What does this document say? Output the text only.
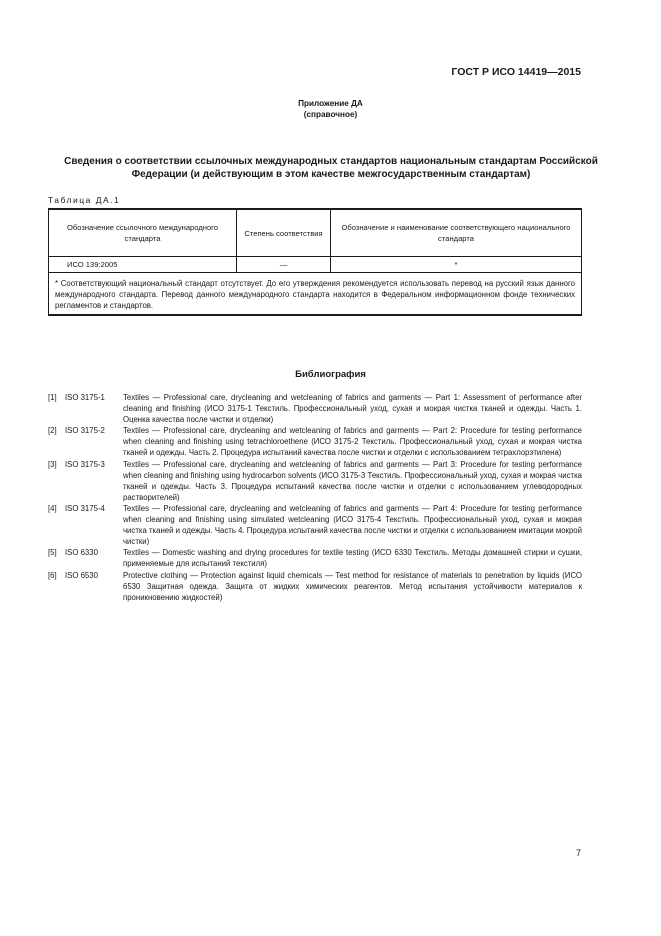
ГОСТ Р ИСО 14419—2015
Приложение ДА
(справочное)
Сведения о соответствии ссылочных международных стандартов национальным стандартам Российской Федерации (и действующим в этом качестве межгосударственным стандартам)
Таблица ДА.1
Обозначение ссылочного международного стандарта	Степень соответствия	Обозначение и наименование соответствующего национального стандарта
ИСО 139:2005	—	*
* Соответствующий национальный стандарт отсутствует. До его утверждения рекомендуется использовать перевод на русский язык данного международного стандарта. Перевод данного международного стандарта находится в Федеральном информационном фонде технических регламентов и стандартов.		
Библиография
[1]	ISO 3175-1	Textiles — Professional care, drycleaning and wetcleaning of fabrics and garments — Part 1: Assessment of performance after cleaning and finishing (ИСО 3175-1 Текстиль. Профессиональный уход, сухая и мокрая чистка тканей и одежды. Часть 1. Оценка качества после чистки и отделки)
[2]	ISO 3175-2	Textiles — Professional care, drycleaning and wetcleaning of fabrics and garments — Part 2: Procedure for testing performance when cleaning and finishing using tetrachloroethene (ИСО 3175-2 Текстиль. Профессиональный уход, сухая и мокрая чистка тканей и одежды. Часть 2. Процедура испытаний качества после чистки и отделки с использованием тетрахлорэтилена)
[3]	ISO 3175-3	Textiles — Professional care, drycleaning and wetcleaning of fabrics and garments — Part 3: Procedure for testing performance when cleaning and finishing using hydrocarbon solvents (ИСО 3175-3 Текстиль. Профессиональный уход, сухая и мокрая чистка тканей и одежды. Часть 3. Процедура испытаний качества после чистки и отделки с использованием углеводородных растворителей)
[4]	ISO 3175-4	Textiles — Professional care, drycleaning and wetcleaning of fabrics and garments — Part 4: Procedure for testing performance when cleaning and finishing using simulated wetcleaning (ИСО 3175-4 Текстиль. Профессиональный уход, сухая и мокрая чистка тканей и одежды. Часть 4. Процедура испытаний качества после чистки и отделки с использованием имитации мокрой чистки)
[5]	ISO 6330	Textiles — Domestic washing and drying procedures for textile testing (ИСО 6330 Текстиль. Методы домашней стирки и сушки, применяемые для испытаний текстиля)
[6]	ISO 6530	Protective clothing — Protection against liquid chemicals — Test method for resistance of materials to penetration by liquids (ИСО 6530 Защитная одежда. Защита от жидких химических реагентов. Метод испытания устойчивости материалов к проникновению жидкостей)
7
